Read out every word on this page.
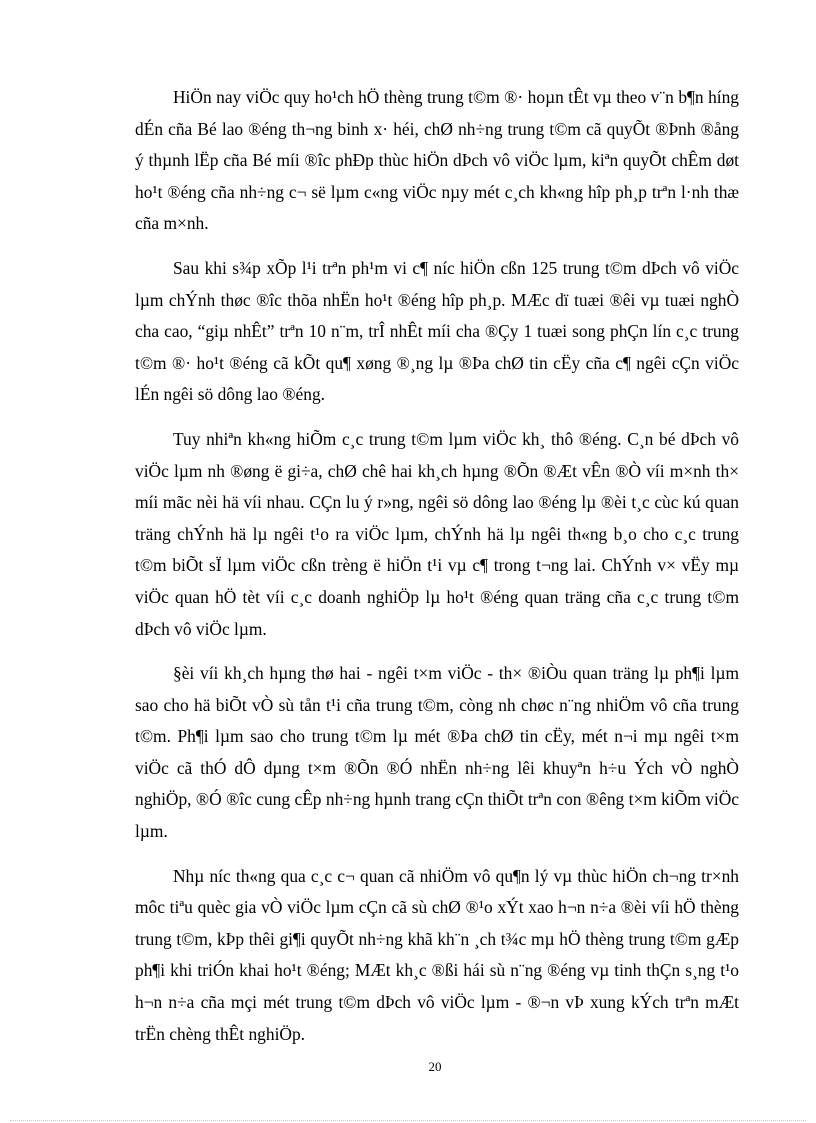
HiÖn nay viÖc quy ho¹ch hÖ thèng trung t©m ®· hoµn tÊt vµ theo v¨n b¶n híng dÉn cña Bé lao ®éng th¬ng binh x· héi, chØ nh÷ng trung t©m cã quyÕt ®Þnh ®ång ý thµnh lËp cña Bé míi ®îc phÐp thùc hiÖn dÞch vô viÖc lµm, kiªn quyÕt chÊm døt ho¹t ®éng cña nh÷ng c¬ së lµm c«ng viÖc nµy mét c¸ch kh«ng hîp ph¸p trªn l·nh thæ cña m×nh.

Sau khi s¾p xÕp l¹i trªn ph¹m vi c¶ níc hiÖn cßn 125 trung t©m dÞch vô viÖc lµm chÝnh thøc ®îc thõa nhËn ho¹t ®éng hîp ph¸p. MÆc dï tuæi ®êi vµ tuæi nghÒ cha cao, “giµ nhÊt” trªn 10 n¨m, trÎ nhÊt míi cha ®Çy 1 tuæi song phÇn lín c¸c trung t©m ®· ho¹t ®éng cã kÕt qu¶ xøng ®¸ng lµ ®Þa chØ tin cËy cña c¶ ngêi cÇn viÖc lÉn ngêi sö dông lao ®éng.

Tuy nhiªn kh«ng hiÕm c¸c trung t©m lµm viÖc kh¸ thô ®éng. C¸n bé dÞch vô viÖc lµm nh ®øng ë gi÷a, chØ chê hai kh¸ch hµng ®Õn ®Æt vÊn ®Ò víi m×nh th× míi mãc nèi hä víi nhau. CÇn lu ý r»ng, ngêi sö dông lao ®éng lµ ®èi t¸c cùc kú quan träng chÝnh hä lµ ngêi t¹o ra viÖc lµm, chÝnh hä lµ ngêi th«ng b¸o cho c¸c trung t©m biÕt sÏ lµm viÖc cßn trèng ë hiÖn t¹i vµ c¶ trong t¬ng lai. ChÝnh v× vËy mµ viÖc quan hÖ tèt víi c¸c doanh nghiÖp lµ ho¹t ®éng quan träng cña c¸c trung t©m dÞch vô viÖc lµm.

§èi víi kh¸ch hµng thø hai - ngêi t×m viÖc - th× ®iÒu quan träng lµ ph¶i lµm sao cho hä biÕt vÒ sù tån t¹i cña trung t©m, còng nh chøc n¨ng nhiÖm vô cña trung t©m. Ph¶i lµm sao cho trung t©m lµ mét ®Þa chØ tin cËy, mét n¬i mµ ngêi t×m viÖc cã thÓ dÔ dµng t×m ®Õn ®Ó nhËn nh÷ng lêi khuyªn h÷u Ých vÒ nghÒ nghiÖp, ®Ó ®îc cung cÊp nh÷ng hµnh trang cÇn thiÕt trªn con ®êng t×m kiÕm viÖc lµm.

Nhµ níc th«ng qua c¸c c¬ quan cã nhiÖm vô qu¶n lý vµ thùc hiÖn ch¬ng tr×nh môc tiªu quèc gia vÒ viÖc lµm cÇn cã sù chØ ®¹o xÝt xao h¬n n÷a ®èi víi hÖ thèng trung t©m, kÞp thêi gi¶i quyÕt nh÷ng khã kh¨n ¸ch t¾c mµ hÖ thèng trung t©m gÆp ph¶i khi triÓn khai ho¹t ®éng; MÆt kh¸c ®ßi hái sù n¨ng ®éng vµ tinh thÇn s¸ng t¹o h¬n n÷a cña mçi mét trung t©m dÞch vô viÖc lµm - ®¬n vÞ xung kÝch trªn mÆt trËn chèng thÊt nghiÖp.

20
